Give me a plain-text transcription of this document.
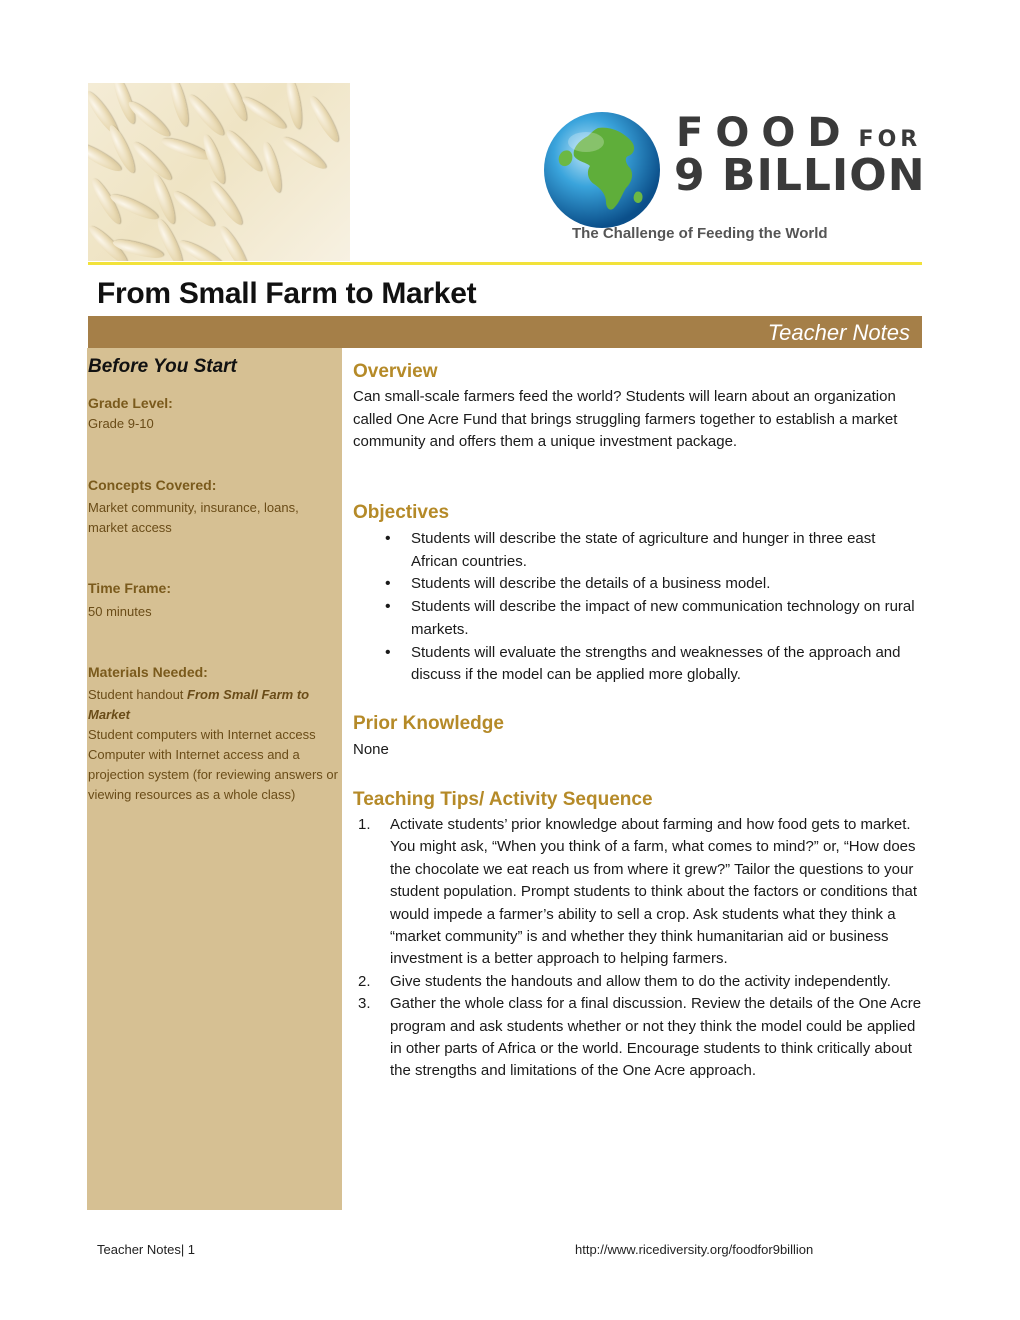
FOOD FOR
9 BILLION
The Challenge of Feeding the World
From Small Farm to Market
Teacher Notes
Before You Start
Grade Level:
Grade 9-10
Concepts Covered:
Market community, insurance, loans, market access
Time Frame:
50 minutes
Materials Needed:
Student handout From Small Farm to Market
Student computers with Internet access
Computer with Internet access and a projection system (for reviewing answers or viewing resources as a whole class)
Overview

Can small-scale farmers feed the world? Students will learn about an organization called One Acre Fund that brings struggling farmers together to establish a market community and offers them a unique investment package.

Objectives
• Students will describe the state of agriculture and hunger in three east African countries.
• Students will describe the details of a business model.
• Students will describe the impact of new communication technology on rural markets.
• Students will evaluate the strengths and weaknesses of the approach and discuss if the model can be applied more globally.
Prior Knowledge

None

Teaching Tips/ Activity Sequence
1. Activate students’ prior knowledge about farming and how food gets to market. You might ask, “When you think of a farm, what comes to mind?” or, “How does the chocolate we eat reach us from where it grew?” Tailor the questions to your student population. Prompt students to think about the factors or conditions that would impede a farmer’s ability to sell a crop. Ask students what they think a “market community” is and whether they think humanitarian aid or business investment is a better approach to helping farmers.
2. Give students the handouts and allow them to do the activity independently.
3. Gather the whole class for a final discussion. Review the details of the One Acre program and ask students whether or not they think the model could be applied in other parts of Africa or the world. Encourage students to think critically about the strengths and limitations of the One Acre approach.
Teacher Notes| 1	http://www.ricediversity.org/foodfor9billion
